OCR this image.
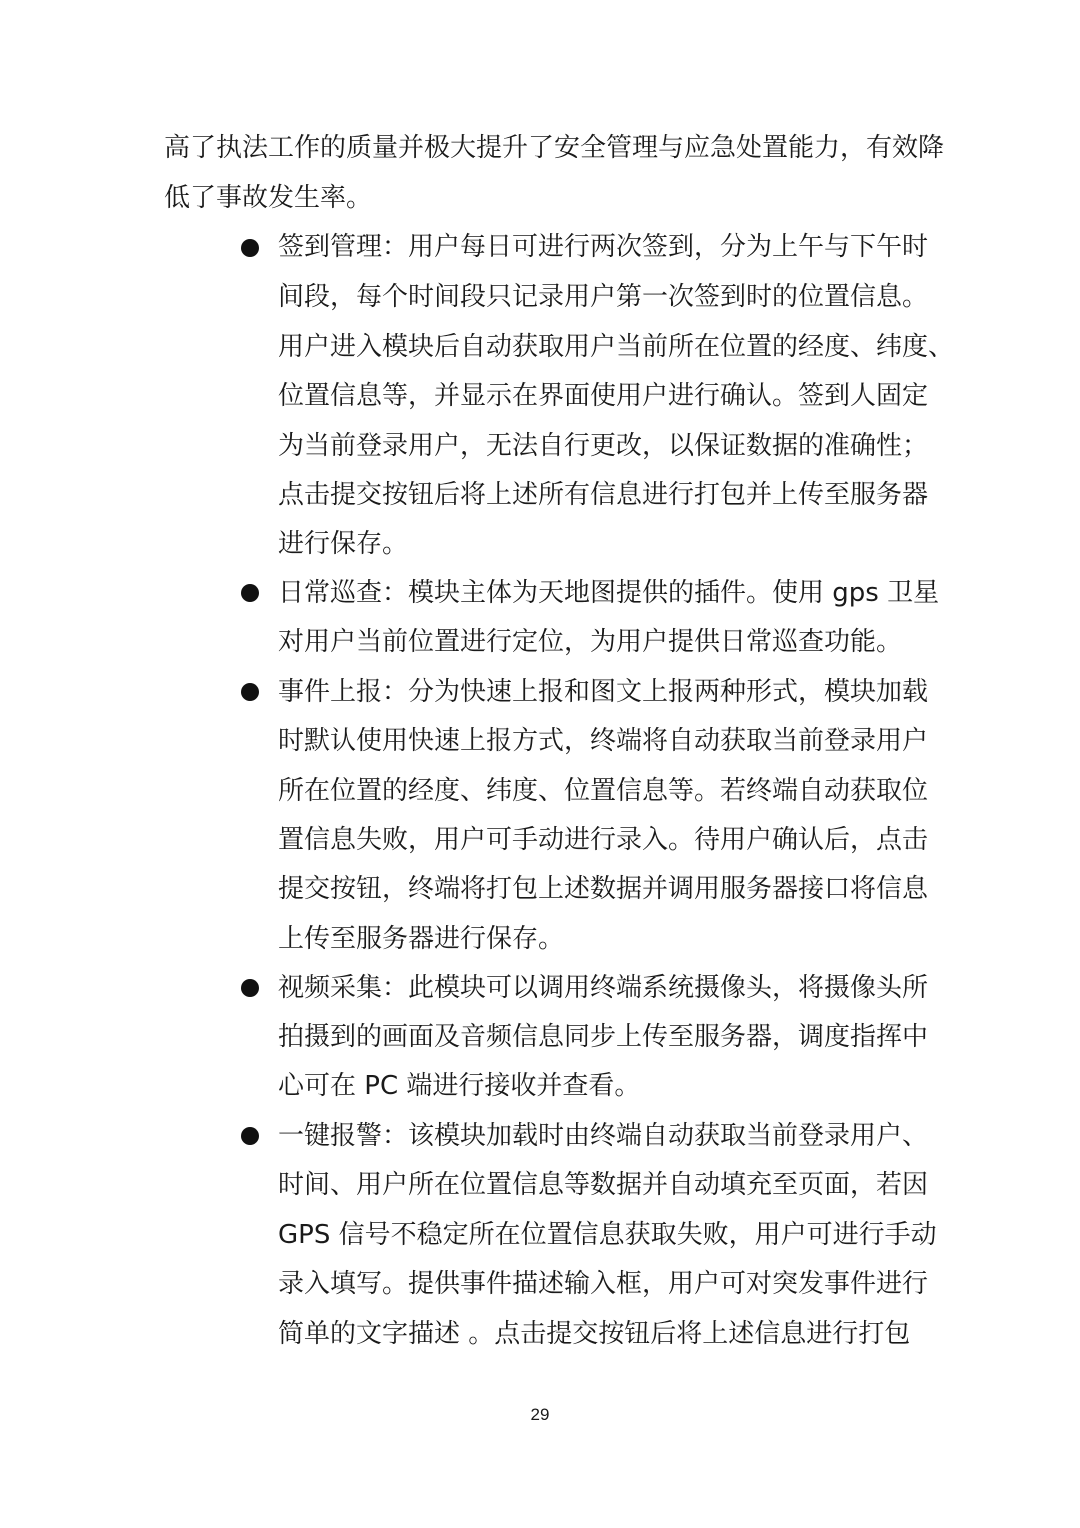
高了执法工作的质量并极大提升了安全管理与应急处置能力，有效降
低了事故发生率。
签到管理：用户每日可进行两次签到，分为上午与下午时
间段，每个时间段只记录用户第一次签到时的位置信息。
用户进入模块后自动获取用户当前所在位置的经度、纬度、
位置信息等，并显示在界面使用户进行确认。签到人固定
为当前登录用户，无法自行更改，以保证数据的准确性；
点击提交按钮后将上述所有信息进行打包并上传至服务器
进行保存。
日常巡查：模块主体为天地图提供的插件。使用 gps 卫星
对用户当前位置进行定位，为用户提供日常巡查功能。
事件上报：分为快速上报和图文上报两种形式，模块加载
时默认使用快速上报方式，终端将自动获取当前登录用户
所在位置的经度、纬度、位置信息等。若终端自动获取位
置信息失败，用户可手动进行录入。待用户确认后，点击
提交按钮，终端将打包上述数据并调用服务器接口将信息
上传至服务器进行保存。
视频采集：此模块可以调用终端系统摄像头，将摄像头所
拍摄到的画面及音频信息同步上传至服务器，调度指挥中
心可在 PC 端进行接收并查看。
一键报警：该模块加载时由终端自动获取当前登录用户、
时间、用户所在位置信息等数据并自动填充至页面，若因
GPS 信号不稳定所在位置信息获取失败，用户可进行手动
录入填写。提供事件描述输入框，用户可对突发事件进行
简单的文字描述 。点击提交按钮后将上述信息进行打包
29
